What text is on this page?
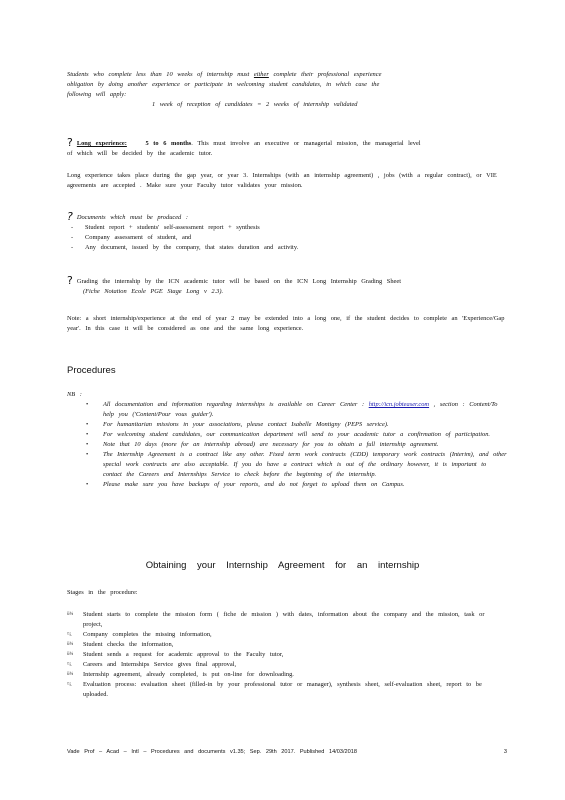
Students who complete less than 10 weeks of internship must either complete their professional experience
obligation by doing another experience or participate in welcoming student candidates, in which case the
following will apply:
1 week of reception of candidates = 2 weeks of internship validated
? Long experience:	5 to 6 months. This must involve an executive or managerial mission, the managerial level
of which will be decided by the academic tutor.
Long experience takes place during the gap year, or year 3. Internships (with an internship agreement) , jobs (with a regular contract), or VIE agreements are accepted . Make sure your Faculty tutor validates your mission.
? Documents which must be produced :
- Student report + students' self-assessment report + synthesis
- Company assessment of student, and
- Any document, issued by the company, that states duration and activity.
? Grading the internship by the ICN academic tutor will be based on the ICN Long Internship Grading Sheet
(Fiche Notation Ecole PGE Stage Long v 2.3).
Note: a short internship/experience at the end of year 2 may be extended into a long one, if the student decides to complete an 'Experience/Gap year'. In this case it will be considered as one and the same long experience.
Procedures
NB :
• All documentation and information regarding internships is available on Career Center : http://icn.jobteaser.com , section : Content/To help you ('Content/Pour vous guider').
• For humanitarian missions in your associations, please contact Isabelle Montigny (PEPS service).
• For welcoming student candidates, our communication department will send to your academic tutor a confirmation of participation.
• Note that 10 days (more for an internship abroad) are necessary for you to obtain a full internship agreement.
• The Internship Agreement is a contract like any other. Fixed term work contracts (CDD) temporary work contracts (Interim), and other special work contracts are also acceptable. If you do have a contract which is out of the ordinary however, it is important to contact the Careers and Internships Service to check before the beginning of the internship.
• Please make sure you have backups of your reports, and do not forget to upload them on Campus.
Obtaining your Internship Agreement for an internship
Stages in the procedure:
ü¾ Student starts to complete the mission form ( fiche de mission ) with dates, information about the company and the mission, task or project,
¤¿ Company completes the missing information,
ü¾ Student checks the information,
ü¾ Student sends a request for academic approval to the Faculty tutor,
¤¿ Careers and Internships Service gives final approval,
ü¾ Internship agreement, already completed, is put on-line for downloading.
¤¿ Evaluation process: evaluation sheet (filled-in by your professional tutor or manager), synthesis sheet, self-evaluation sheet, report to be uploaded.
Vade Prof – Acad – Intl – Procedures and documents v1.35; Sep. 29th 2017. Published 14/03/2018	3
